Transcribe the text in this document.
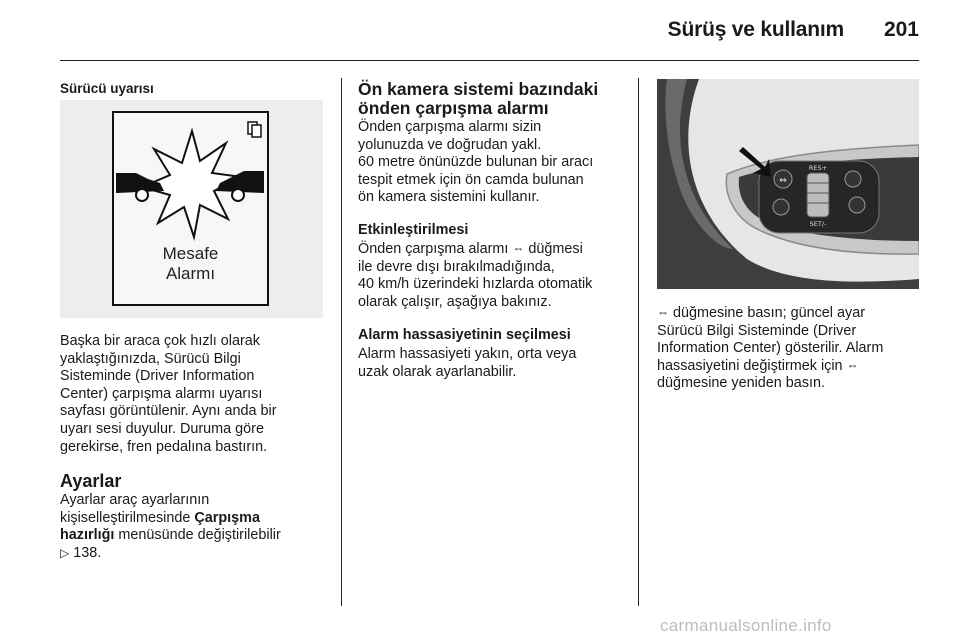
Sürüş ve kullanım 201
Sürücü uyarısı
Mesafe
Alarmı

Başka bir araca çok hızlı olarak

yaklaştığınızda, Sürücü Bilgi

Sisteminde (Driver Information

Center) çarpışma alarmı uyarısı

sayfası görüntülenir. Aynı anda bir

uyarı sesi duyulur. Duruma göre

gerekirse, fren pedalına bastırın.

Ayarlar

Ayarlar araç ayarlarının

kişiselleştirilmesinde Çarpışma

hazırlığı menüsünde değiştirilebilir

▷ 138.

Ön kamera sistemi bazındaki
önden çarpışma alarmı

Önden çarpışma alarmı sizin

yolunuzda ve doğrudan yakl.

60 metre önünüzde bulunan bir aracı

tespit etmek için ön camda bulunan

ön kamera sistemini kullanır.

Etkinleştirilmesi

Önden çarpışma alarmı ⇔ düğmesi

ile devre dışı bırakılmadığında,

40 km/h üzerindeki hızlarda otomatik

olarak çalışır, aşağıya bakınız.

Alarm hassasiyetinin seçilmesi

Alarm hassasiyeti yakın, orta veya

uzak olarak ayarlanabilir.

RES+
SET/-
⇔

⇔ düğmesine basın; güncel ayar

Sürücü Bilgi Sisteminde (Driver

Information Center) gösterilir. Alarm

hassasiyetini değiştirmek için ⇔

düğmesine yeniden basın.

carmanualsonline.info
